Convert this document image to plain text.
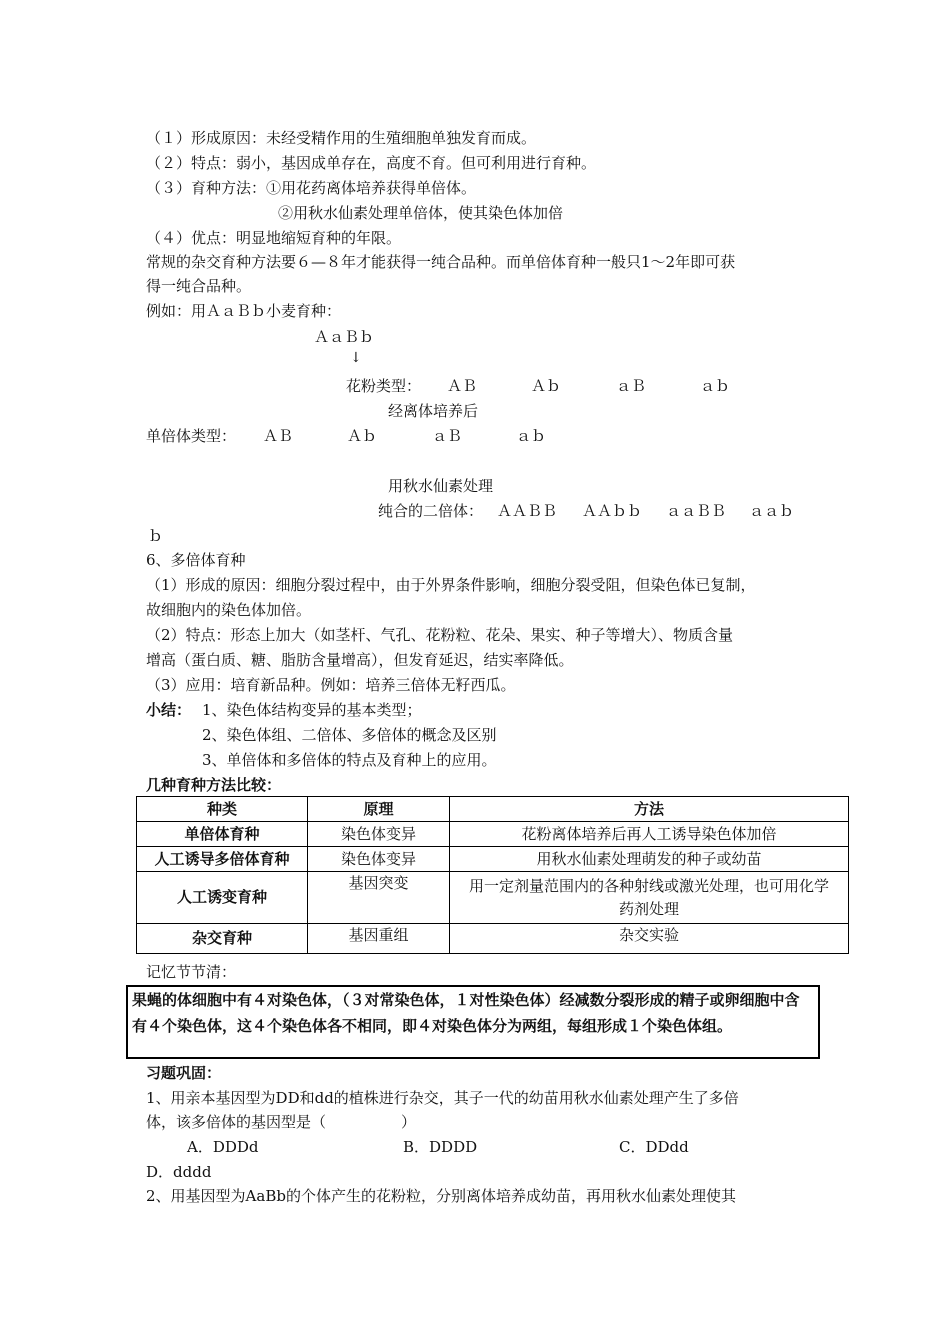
（１）形成原因：未经受精作用的生殖细胞单独发育而成。
（２）特点：弱小，基因成单存在，高度不育。但可利用进行育种。
（３）育种方法：①用花药离体培养获得单倍体。
②用秋水仙素处理单倍体，使其染色体加倍
（４）优点：明显地缩短育种的年限。
常规的杂交育种方法要６—８年才能获得一纯合品种。而单倍体育种一般只1～2年即可获
得一纯合品种。
例如：用ＡａＢｂ小麦育种：
ＡａＢｂ
↓
花粉类型： ＡＢ	Ａｂ	ａＢ	ａｂ
经离体培养后
单倍体类型： ＡＢ	Ａｂ	ａＢ	ａｂ
用秋水仙素处理
纯合的二倍体： ＡＡＢＢ ＡＡｂｂ ａａＢＢ ａａｂ
ｂ
6、多倍体育种
（1）形成的原因：细胞分裂过程中，由于外界条件影响，细胞分裂受阻，但染色体已复制，
故细胞内的染色体加倍。
（2）特点：形态上加大（如茎杆、气孔、花粉粒、花朵、果实、种子等增大）、物质含量
增高（蛋白质、糖、脂肪含量增高），但发育延迟，结实率降低。
（3）应用：培育新品种。例如：培养三倍体无籽西瓜。
小结： 1、染色体结构变异的基本类型；
2、染色体组、二倍体、多倍体的概念及区别
3、单倍体和多倍体的特点及育种上的应用。
几种育种方法比较：
种类	原理	方法
单倍体育种	染色体变异	花粉离体培养后再人工诱导染色体加倍
人工诱导多倍体育种	染色体变异	用秋水仙素处理萌发的种子或幼苗
人工诱变育种	基因突变	用一定剂量范围内的各种射线或激光处理，也可用化学药剂处理
杂交育种	基因重组	杂交实验
记忆节节清：
果蝇的体细胞中有４对染色体，（３对常染色体，１对性染色体）经减数分裂形成的精子或卵细胞中含有４个染色体，这４个染色体各不相同，即４对染色体分为两组，每组形成１个染色体组。
习题巩固：
1、用亲本基因型为DD和dd的植株进行杂交，其子一代的幼苗用秋水仙素处理产生了多倍
体，该多倍体的基因型是（　　　　　）
A．DDDd	B．DDDD	C．DDdd
D．dddd
2、用基因型为AaBb的个体产生的花粉粒，分别离体培养成幼苗，再用秋水仙素处理使其
